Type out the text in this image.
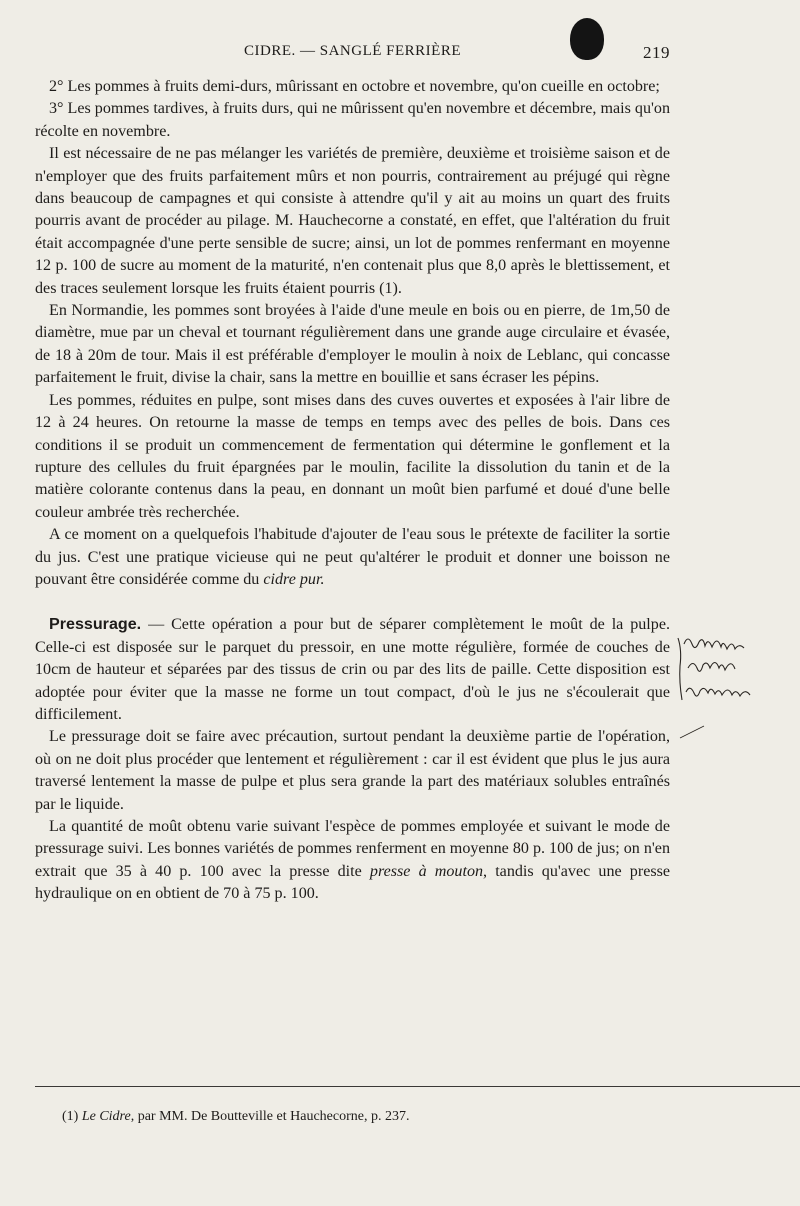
CIDRE. — SANGLÉ FERRIÈRE	219

2° Les pommes à fruits demi-durs, mûrissant en octobre et novembre, qu'on cueille en octobre;

3° Les pommes tardives, à fruits durs, qui ne mûrissent qu'en novembre et décembre, mais qu'on récolte en novembre.

Il est nécessaire de ne pas mélanger les variétés de première, deuxième et troisième saison et de n'employer que des fruits parfaitement mûrs et non pourris, contrairement au préjugé qui règne dans beaucoup de campagnes et qui consiste à attendre qu'il y ait au moins un quart des fruits pourris avant de procéder au pilage. M. Hauchecorne a constaté, en effet, que l'altération du fruit était accompagnée d'une perte sensible de sucre; ainsi, un lot de pommes renfermant en moyenne 12 p. 100 de sucre au moment de la maturité, n'en contenait plus que 8,0 après le blettissement, et des traces seulement lorsque les fruits étaient pourris (1).

En Normandie, les pommes sont broyées à l'aide d'une meule en bois ou en pierre, de 1m,50 de diamètre, mue par un cheval et tournant régulièrement dans une grande auge circulaire et évasée, de 18 à 20m de tour. Mais il est préférable d'employer le moulin à noix de Leblanc, qui concasse parfaitement le fruit, divise la chair, sans la mettre en bouillie et sans écraser les pépins.

Les pommes, réduites en pulpe, sont mises dans des cuves ouvertes et exposées à l'air libre de 12 à 24 heures. On retourne la masse de temps en temps avec des pelles de bois. Dans ces conditions il se produit un commencement de fermentation qui détermine le gonflement et la rupture des cellules du fruit épargnées par le moulin, facilite la dissolution du tanin et de la matière colorante contenus dans la peau, en donnant un moût bien parfumé et doué d'une belle couleur ambrée très recherchée.

A ce moment on a quelquefois l'habitude d'ajouter de l'eau sous le prétexte de faciliter la sortie du jus. C'est une pratique vicieuse qui ne peut qu'altérer le produit et donner une boisson ne pouvant être considérée comme du cidre pur.

Pressurage. — Cette opération a pour but de séparer complètement le moût de la pulpe. Celle-ci est disposée sur le parquet du pressoir, en une motte régulière, formée de couches de 10cm de hauteur et séparées par des tissus de crin ou par des lits de paille. Cette disposition est adoptée pour éviter que la masse ne forme un tout compact, d'où le jus ne s'écoulerait que difficilement.

Le pressurage doit se faire avec précaution, surtout pendant la deuxième partie de l'opération, où on ne doit plus procéder que lentement et régulièrement : car il est évident que plus le jus aura traversé lentement la masse de pulpe et plus sera grande la part des matériaux solubles entraînés par le liquide.

La quantité de moût obtenu varie suivant l'espèce de pommes employée et suivant le mode de pressurage suivi. Les bonnes variétés de pommes renferment en moyenne 80 p. 100 de jus; on n'en extrait que 35 à 40 p. 100 avec la presse dite presse à mouton, tandis qu'avec une presse hydraulique on en obtient de 70 à 75 p. 100.

(1) Le Cidre, par MM. De Boutteville et Hauchecorne, p. 237.
